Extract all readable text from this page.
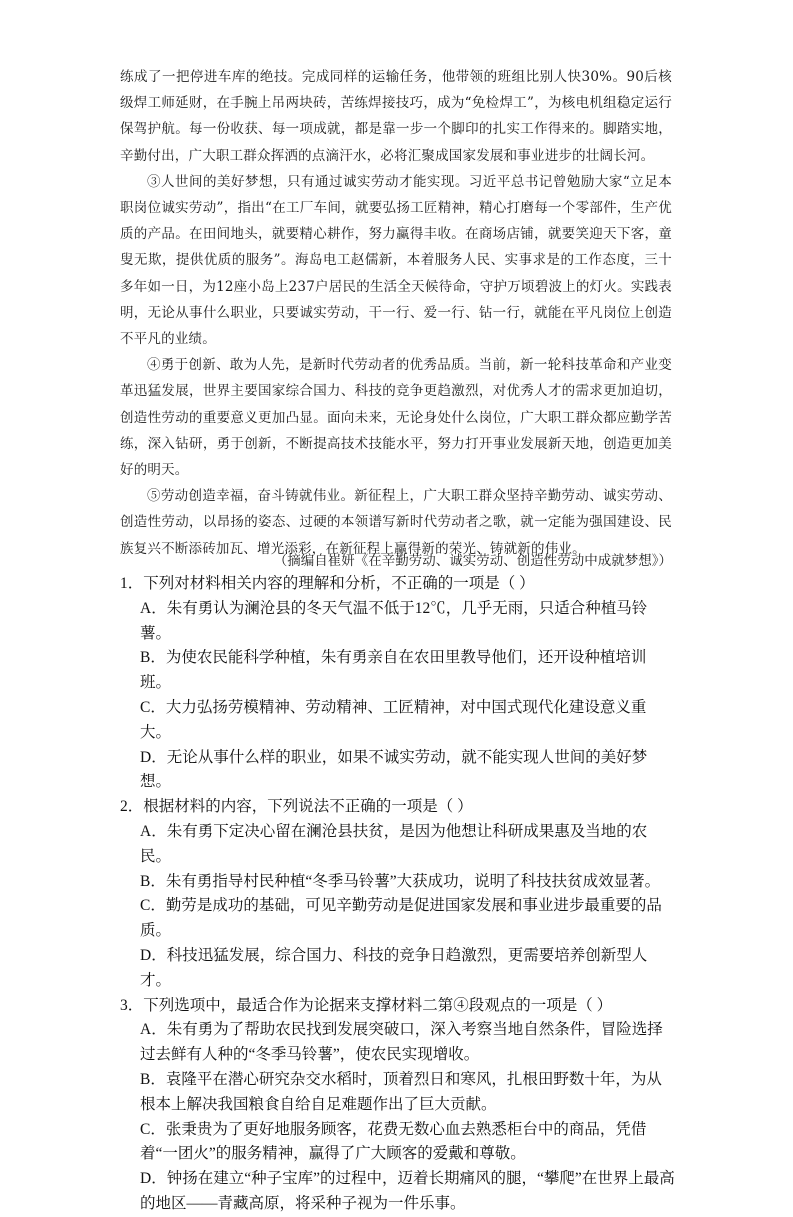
练成了一把停进车库的绝技。完成同样的运输任务，他带领的班组比别人快30%。90后核级焊工师延财，在手腕上吊两块砖，苦练焊接技巧，成为“免检焊工”，为核电机组稳定运行保驾护航。每一份收获、每一项成就，都是靠一步一个脚印的扎实工作得来的。脚踏实地，辛勤付出，广大职工群众挥洒的点滴汗水，必将汇聚成国家发展和事业进步的壮阔长河。

③人世间的美好梦想，只有通过诚实劳动才能实现。习近平总书记曾勉励大家“立足本职岗位诚实劳动”，指出“在工厂车间，就要弘扬工匠精神，精心打磨每一个零部件，生产优质的产品。在田间地头，就要精心耕作，努力赢得丰收。在商场店铺，就要笑迎天下客，童叟无欺，提供优质的服务”。海岛电工赵儒新，本着服务人民、实事求是的工作态度，三十多年如一日，为12座小岛上237户居民的生活全天候待命，守护万顷碧波上的灯火。实践表明，无论从事什么职业，只要诚实劳动，干一行、爱一行、钻一行，就能在平凡岗位上创造不平凡的业绩。

④勇于创新、敢为人先，是新时代劳动者的优秀品质。当前，新一轮科技革命和产业变革迅猛发展，世界主要国家综合国力、科技的竞争更趋激烈，对优秀人才的需求更加迫切，创造性劳动的重要意义更加凸显。面向未来，无论身处什么岗位，广大职工群众都应勤学苦练，深入钻研，勇于创新，不断提高技术技能水平，努力打开事业发展新天地，创造更加美好的明天。

⑤劳动创造幸福，奋斗铸就伟业。新征程上，广大职工群众坚持辛勤劳动、诚实劳动、创造性劳动，以昂扬的姿态、过硬的本领谱写新时代劳动者之歌，就一定能为强国建设、民族复兴不断添砖加瓦、增光添彩，在新征程上赢得新的荣光、铸就新的伟业。

（摘编自崔妍《在辛勤劳动、诚实劳动、创造性劳动中成就梦想》）

1．下列对材料相关内容的理解和分析，不正确的一项是（ ）

A．朱有勇认为澜沧县的冬天气温不低于12℃，几乎无雨，只适合种植马铃薯。

B．为使农民能科学种植，朱有勇亲自在农田里教导他们，还开设种植培训班。

C．大力弘扬劳模精神、劳动精神、工匠精神，对中国式现代化建设意义重大。

D．无论从事什么样的职业，如果不诚实劳动，就不能实现人世间的美好梦想。

2．根据材料的内容，下列说法不正确的一项是（ ）

A．朱有勇下定决心留在澜沧县扶贫，是因为他想让科研成果惠及当地的农民。

B．朱有勇指导村民种植“冬季马铃薯”大获成功，说明了科技扶贫成效显著。

C．勤劳是成功的基础，可见辛勤劳动是促进国家发展和事业进步最重要的品质。

D．科技迅猛发展，综合国力、科技的竞争日趋激烈，更需要培养创新型人才。

3．下列选项中，最适合作为论据来支撑材料二第④段观点的一项是（ ）

A．朱有勇为了帮助农民找到发展突破口，深入考察当地自然条件，冒险选择过去鲜有人种的“冬季马铃薯”，使农民实现增收。

B．袁隆平在潜心研究杂交水稻时，顶着烈日和寒风，扎根田野数十年，为从根本上解决我国粮食自给自足难题作出了巨大贡献。

C．张秉贵为了更好地服务顾客，花费无数心血去熟悉柜台中的商品，凭借着“一团火”的服务精神，赢得了广大顾客的爱戴和尊敬。

D．钟扬在建立“种子宝库”的过程中，迈着长期痛风的腿，“攀爬”在世界上最高的地区——青藏高原，将采种子视为一件乐事。
